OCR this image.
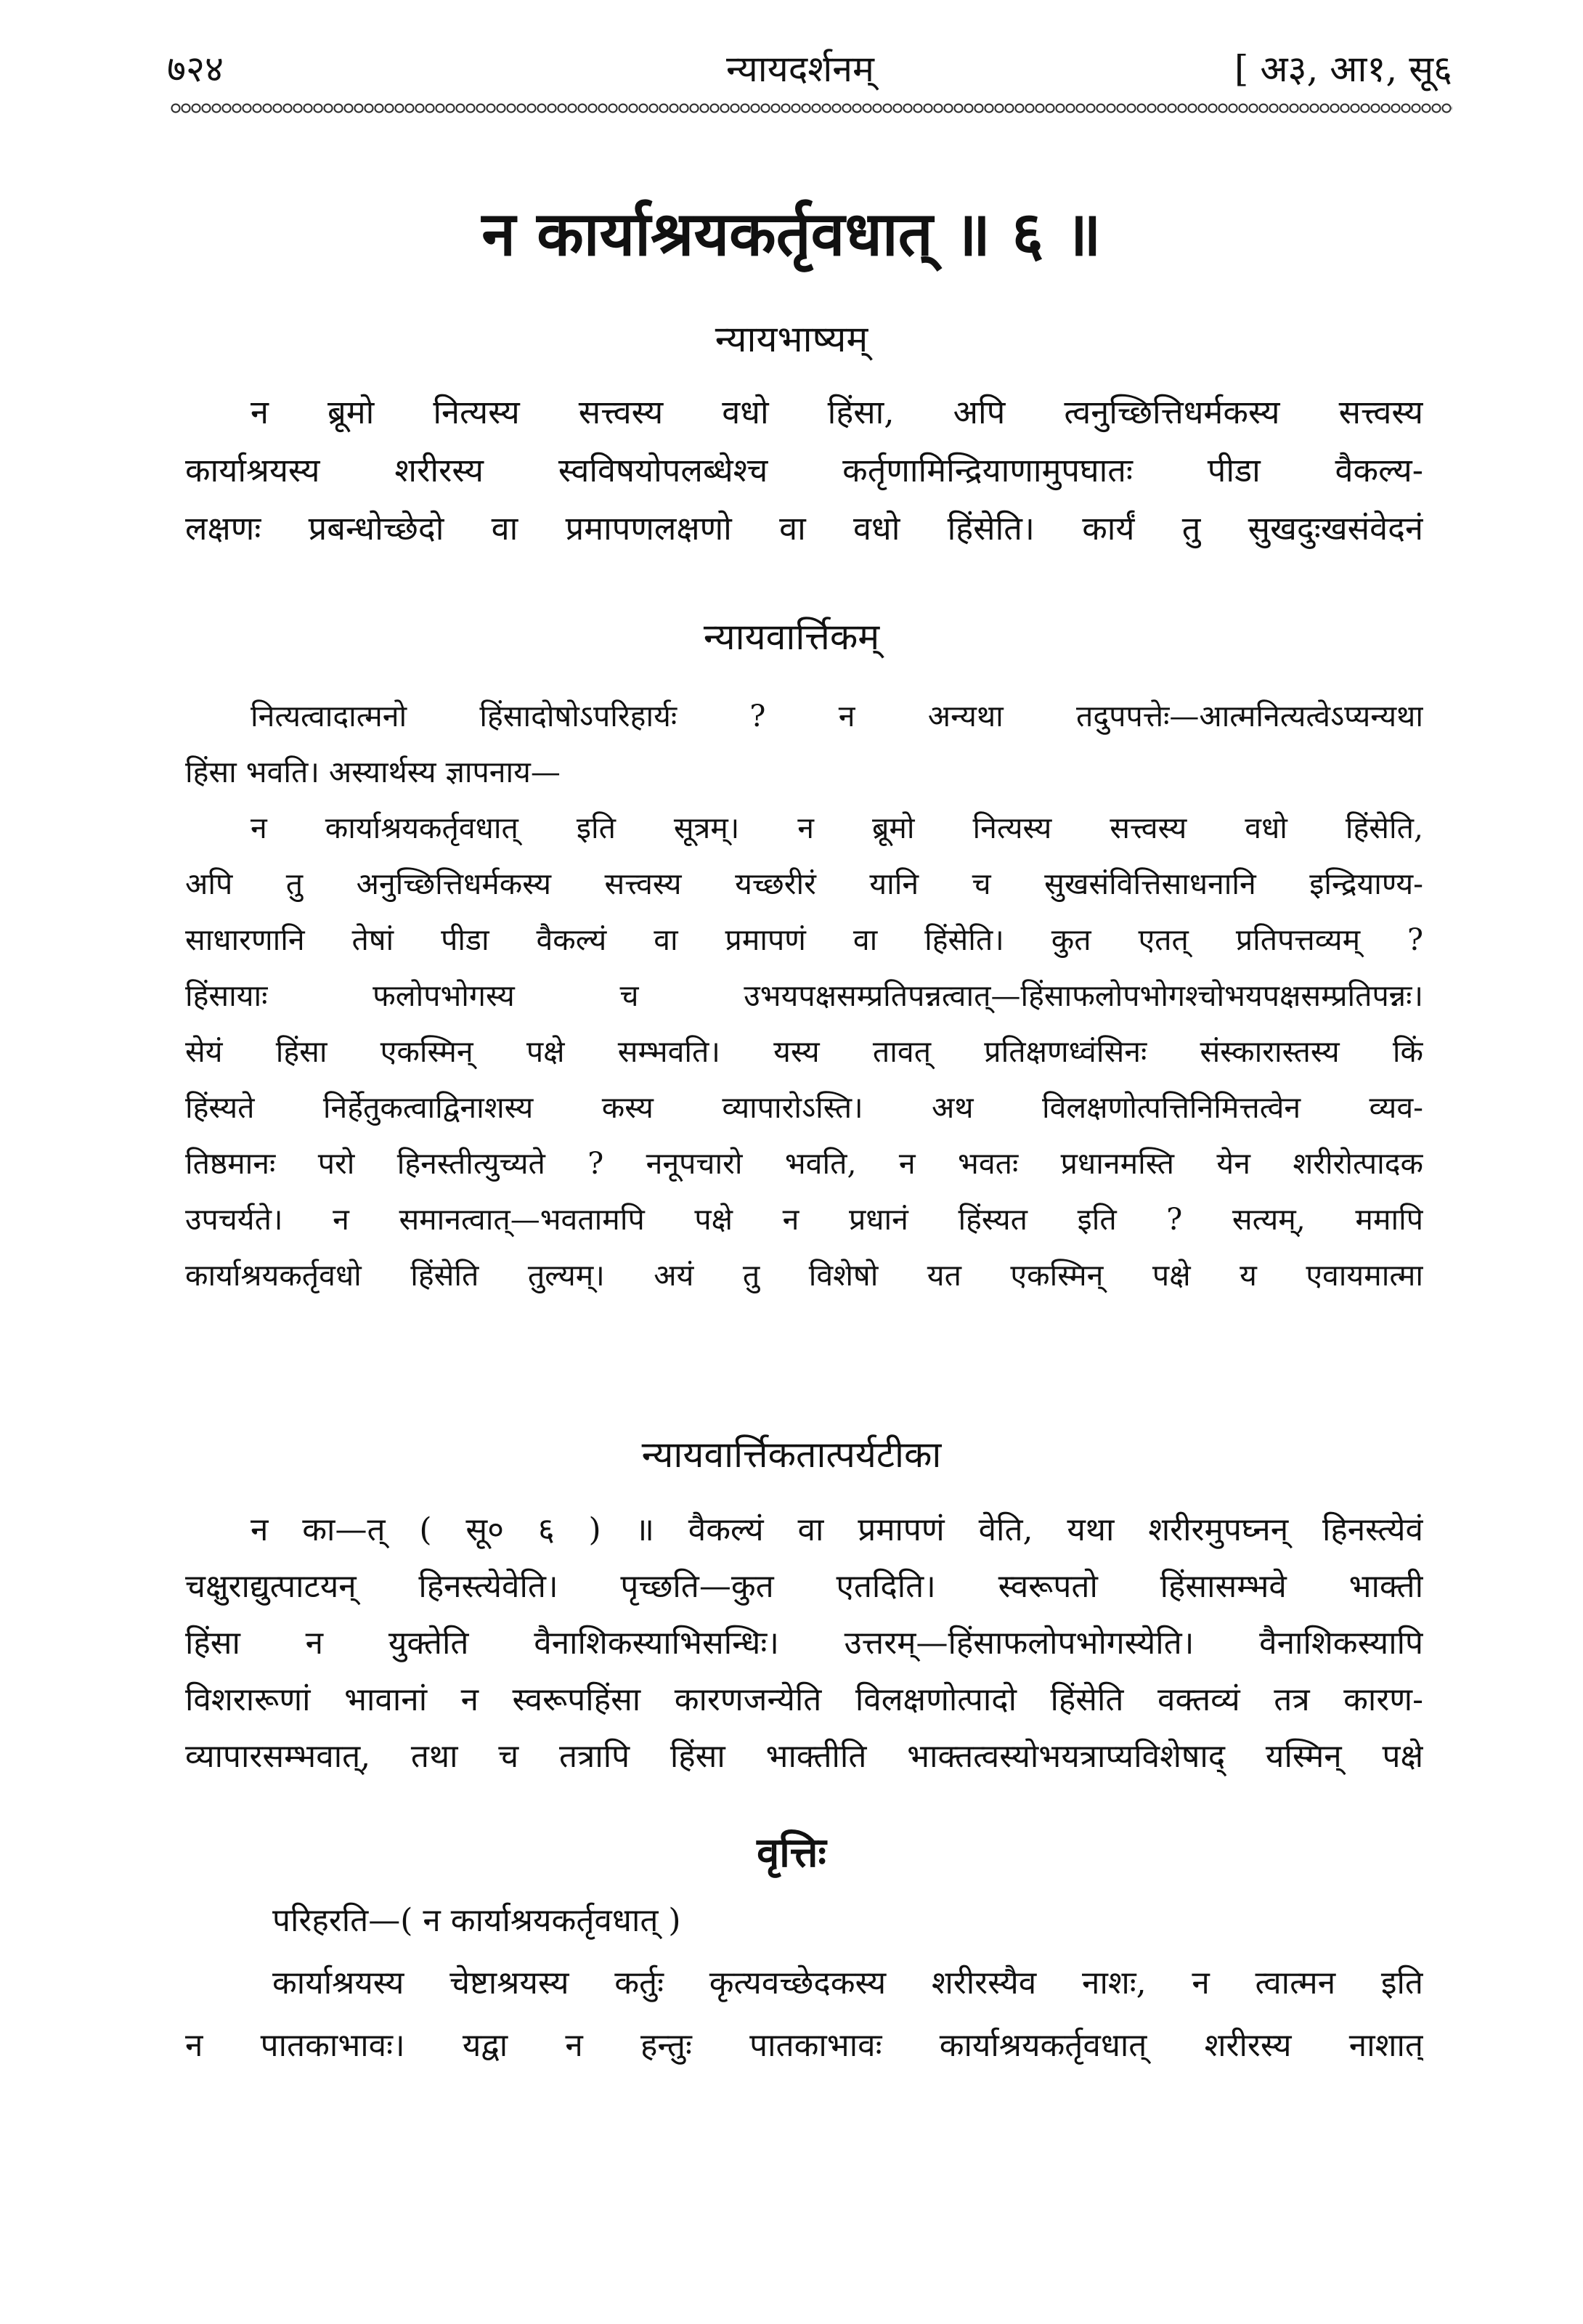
७२४	न्यायदर्शनम्	[ अ३, आ१, सू६
न कार्याश्रयकर्तृवधात् ॥ ६ ॥
न्यायभाष्यम्
न ब्रूमो नित्यस्य सत्त्वस्य वधो हिंसा, अपि त्वनुच्छित्तिधर्मकस्य सत्त्वस्य
कार्याश्रयस्य शरीरस्य स्वविषयोपलब्धेश्च कर्तृणामिन्द्रियाणामुपघातः पीडा वैकल्य-
लक्षणः प्रबन्धोच्छेदो वा प्रमापणलक्षणो वा वधो हिंसेति। कार्यं तु सुखदुःखसंवेदनं
न्यायवार्त्तिकम्
नित्यत्वादात्मनो हिंसादोषोऽपरिहार्यः ? न अन्यथा तदुपपत्तेः—आत्मनित्यत्वेऽप्यन्यथा
हिंसा भवति। अस्यार्थस्य ज्ञापनाय—
न कार्याश्रयकर्तृवधात् इति सूत्रम्। न ब्रूमो नित्यस्य सत्त्वस्य वधो हिंसेति,
अपि तु अनुच्छित्तिधर्मकस्य सत्त्वस्य यच्छरीरं यानि च सुखसंवित्तिसाधनानि इन्द्रियाण्य-
साधारणानि तेषां पीडा वैकल्यं वा प्रमापणं वा हिंसेति। कुत एतत् प्रतिपत्तव्यम् ?
हिंसायाः फलोपभोगस्य च उभयपक्षसम्प्रतिपन्नत्वात्—हिंसाफलोपभोगश्चोभयपक्षसम्प्रतिपन्नः।
सेयं हिंसा एकस्मिन् पक्षे सम्भवति। यस्य तावत् प्रतिक्षणध्वंसिनः संस्कारास्तस्य किं
हिंस्यते निर्हेतुकत्वाद्विनाशस्य कस्य व्यापारोऽस्ति। अथ विलक्षणोत्पत्तिनिमित्तत्वेन व्यव-
तिष्ठमानः परो हिनस्तीत्युच्यते ? ननूपचारो भवति, न भवतः प्रधानमस्ति येन शरीरोत्पादक
उपचर्यते। न समानत्वात्—भवतामपि पक्षे न प्रधानं हिंस्यत इति ? सत्यम्, ममापि
कार्याश्रयकर्तृवधो हिंसेति तुल्यम्। अयं तु विशेषो यत एकस्मिन् पक्षे य एवायमात्मा
न्यायवार्त्तिकतात्पर्यटीका
न का—त् ( सू० ६ ) ॥ वैकल्यं वा प्रमापणं वेति, यथा शरीरमुपघ्नन् हिनस्त्येवं
चक्षुराद्युत्पाटयन् हिनस्त्येवेति। पृच्छति—कुत एतदिति। स्वरूपतो हिंसासम्भवे भाक्ती
हिंसा न युक्तेति वैनाशिकस्याभिसन्धिः। उत्तरम्—हिंसाफलोपभोगस्येति। वैनाशिकस्यापि
विशरारूणां भावानां न स्वरूपहिंसा कारणजन्येति विलक्षणोत्पादो हिंसेति वक्तव्यं तत्र कारण-
व्यापारसम्भवात्, तथा च तत्रापि हिंसा भाक्तीति भाक्तत्वस्योभयत्राप्यविशेषाद् यस्मिन् पक्षे
वृत्तिः
परिहरति—( न कार्याश्रयकर्तृवधात् )
कार्याश्रयस्य चेष्टाश्रयस्य कर्तुः कृत्यवच्छेदकस्य शरीरस्यैव नाशः, न त्वात्मन इति
न पातकाभावः। यद्वा न हन्तुः पातकाभावः कार्याश्रयकर्तृवधात् शरीरस्य नाशात्
